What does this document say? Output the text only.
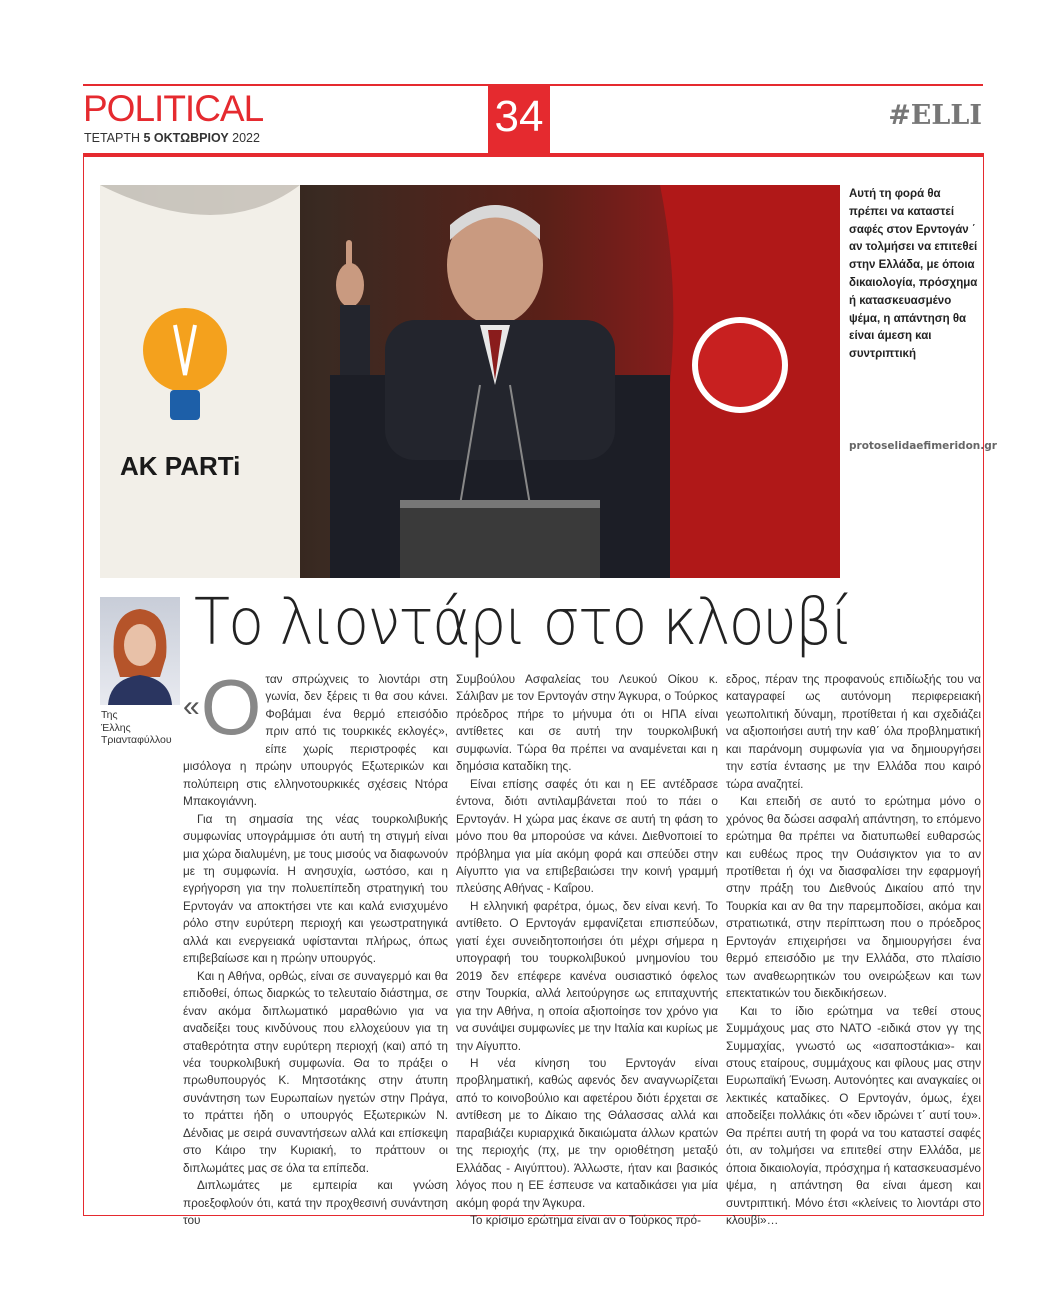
POLITICAL
ΤΕΤΑΡΤΗ 5 ΟΚΤΩΒΡΙΟΥ 2022	34	#ELLI
AK PARTi
Αυτή τη φορά θα πρέπει να καταστεί σαφές στον Ερντογάν ΄ αν τολμήσει να επιτεθεί στην Ελλάδα, με όποια δικαιολογία, πρόσχημα ή κατασκευασμένο ψέμα, η απάντηση θα είναι άμεση και συντριπτική
protoselidaefimeridon.gr
Της
Έλλης Τριανταφύλλου
Το λιοντάρι στο κλουβί
« Ο ταν σπρώχνεις το λιοντάρι στη γωνία, δεν ξέρεις τι θα σου κάνει. Φοβάμαι ένα θερμό επεισόδιο πριν από τις τουρκικές εκλογές», είπε χωρίς περιστροφές και μισόλογα η πρώην υπουργός Εξωτερικών και πολύπειρη στις ελληνοτουρκικές σχέσεις Ντόρα Μπακογιάννη.

Για τη σημασία της νέας τουρκολιβυκής συμφωνίας υπογράμμισε ότι αυτή τη στιγμή είναι μια χώρα διαλυμένη, με τους μισούς να διαφωνούν με τη συμφωνία. Η ανησυχία, ωστόσο, και η εγρήγορση για την πολυεπίπεδη στρατηγική του Ερντογάν να αποκτήσει ντε και καλά ενισχυμένο ρόλο στην ευρύτερη περιοχή και γεωστρατηγικά αλλά και ενεργειακά υφίστανται πλήρως, όπως επιβεβαίωσε και η πρώην υπουργός.

Και η Αθήνα, ορθώς, είναι σε συναγερμό και θα επιδοθεί, όπως διαρκώς το τελευταίο διάστημα, σε έναν ακόμα διπλωματικό μαραθώνιο για να αναδείξει τους κινδύνους που ελλοχεύουν για τη σταθερότητα στην ευρύτερη περιοχή (και) από τη νέα τουρκολιβυκή συμφωνία. Θα το πράξει ο πρωθυπουργός Κ. Μητσοτάκης στην άτυπη συνάντηση των Ευρωπαίων ηγετών στην Πράγα, το πράττει ήδη ο υπουργός Εξωτερικών Ν. Δένδιας με σειρά συναντήσεων αλλά και επίσκεψη στο Κάιρο την Κυριακή, το πράττουν οι διπλωμάτες μας σε όλα τα επίπεδα.

Διπλωμάτες με εμπειρία και γνώση προεξοφλούν ότι, κατά την προχθεσινή συνάντηση του

Συμβούλου Ασφαλείας του Λευκού Οίκου κ. Σάλιβαν με τον Ερντογάν στην Άγκυρα, ο Τούρκος πρόεδρος πήρε το μήνυμα ότι οι ΗΠΑ είναι αντίθετες και σε αυτή την τουρκολιβυκή συμφωνία. Τώρα θα πρέπει να αναμένεται και η δημόσια καταδίκη της.

Είναι επίσης σαφές ότι και η ΕΕ αντέδρασε έντονα, διότι αντιλαμβάνεται πού το πάει ο Ερντογάν. Η χώρα μας έκανε σε αυτή τη φάση το μόνο που θα μπορούσε να κάνει. Διεθνοποιεί το πρόβλημα για μία ακόμη φορά και σπεύδει στην Αίγυπτο για να επιβεβαιώσει την κοινή γραμμή πλεύσης Αθήνας - Καΐρου.

Η ελληνική φαρέτρα, όμως, δεν είναι κενή. Το αντίθετο. Ο Ερντογάν εμφανίζεται επισπεύδων, γιατί έχει συνειδητοποιήσει ότι μέχρι σήμερα η υπογραφή του τουρκολιβυκού μνημονίου του 2019 δεν επέφερε κανένα ουσιαστικό όφελος στην Τουρκία, αλλά λειτούργησε ως επιταχυντής για την Αθήνα, η οποία αξιοποίησε τον χρόνο για να συνάψει συμφωνίες με την Ιταλία και κυρίως με την Αίγυπτο.

Η νέα κίνηση του Ερντογάν είναι προβληματική, καθώς αφενός δεν αναγνωρίζεται από το κοινοβούλιο και αφετέρου διότι έρχεται σε αντίθεση με το Δίκαιο της Θάλασσας αλλά και παραβιάζει κυριαρχικά δικαιώματα άλλων κρατών της περιοχής (πχ, με την οριοθέτηση μεταξύ Ελλάδας - Αιγύπτου). Άλλωστε, ήταν και βασικός λόγος που η ΕΕ έσπευσε να καταδικάσει για μία ακόμη φορά την Άγκυρα.

Το κρίσιμο ερώτημα είναι αν ο Τούρκος πρό-

εδρος, πέραν της προφανούς επιδίωξής του να καταγραφεί ως αυτόνομη περιφερειακή γεωπολιτική δύναμη, προτίθεται ή και σχεδιάζει να αξιοποιήσει αυτή την καθ΄ όλα προβληματική και παράνομη συμφωνία για να δημιουργήσει την εστία έντασης με την Ελλάδα που καιρό τώρα αναζητεί.

Και επειδή σε αυτό το ερώτημα μόνο ο χρόνος θα δώσει ασφαλή απάντηση, το επόμενο ερώτημα θα πρέπει να διατυπωθεί ευθαρσώς και ευθέως προς την Ουάσιγκτον για το αν προτίθεται ή όχι να διασφαλίσει την εφαρμογή στην πράξη του Διεθνούς Δικαίου από την Τουρκία και αν θα την παρεμποδίσει, ακόμα και στρατιωτικά, στην περίπτωση που ο πρόεδρος Ερντογάν επιχειρήσει να δημιουργήσει ένα θερμό επεισόδιο με την Ελλάδα, στο πλαίσιο των αναθεωρητικών του ονειρώξεων και των επεκτατικών του διεκδικήσεων.

Και το ίδιο ερώτημα να τεθεί στους Συμμάχους μας στο ΝΑΤΟ -ειδικά στον γγ της Συμμαχίας, γνωστό ως «ισαποστάκια»- και στους εταίρους, συμμάχους και φίλους μας στην Ευρωπαϊκή Ένωση. Αυτονόητες και αναγκαίες οι λεκτικές καταδίκες. Ο Ερντογάν, όμως, έχει αποδείξει πολλάκις ότι «δεν ιδρώνει τ΄ αυτί του». Θα πρέπει αυτή τη φορά να του καταστεί σαφές ότι, αν τολμήσει να επιτεθεί στην Ελλάδα, με όποια δικαιολογία, πρόσχημα ή κατασκευασμένο ψέμα, η απάντηση θα είναι άμεση και συντριπτική. Μόνο έτσι «κλείνεις το λιοντάρι στο κλουβί»…
